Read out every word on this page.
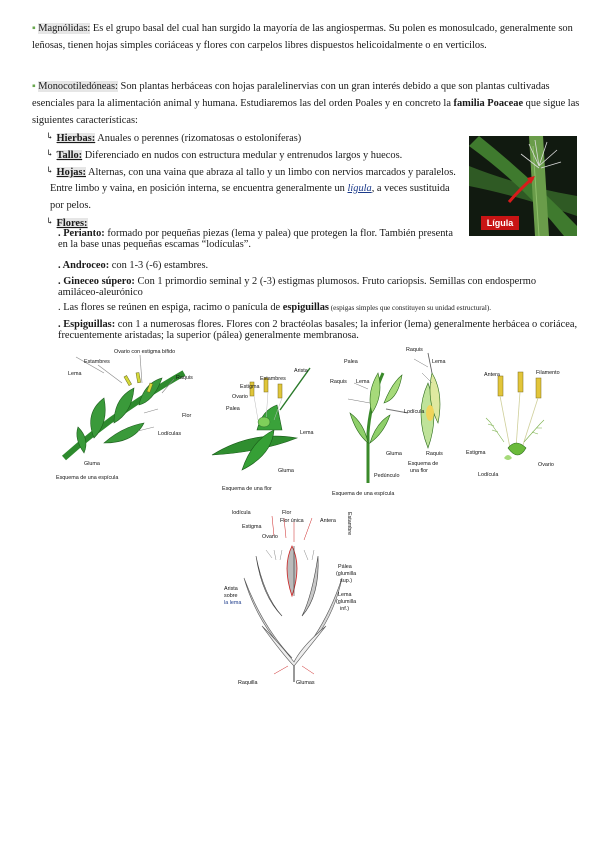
▪ Magnólidas: Es el grupo basal del cual han surgido la mayoría de las angiospermas. Su polen es monosulcado, generalmente son
leñosas, tienen hojas simples coriáceas y flores con carpelos libres dispuestos helicoidalmente o en verticilos.
▪ Monocotiledóneas: Son plantas herbáceas con hojas paralelinervias con un gran interés debido a que son plantas cultivadas
esenciales para la alimentación animal y humana. Estudiaremos las del orden Poales y en concreto la familia Poaceae que sigue las
siguientes características:
↳ Hierbas: Anuales o perennes (rizomatosas o estoloníferas)
↳ Tallo: Diferenciado en nudos con estructura medular y entrenudos largos y huecos.
↳ Hojas: Alternas, con una vaina que abraza al tallo y un limbo con nervios marcados y paralelos.
Entre limbo y vaina, en posición interna, se encuentra generalmente un lígula, a veces sustituida
por pelos.
↳ Flores:	Lígula
. Perianto: formado por pequeñas piezas (lema y palea) que protegen la flor. También presenta
en la base unas pequeñas escamas “lodículas”.
. Androceo: con 1-3 (-6) estambres.
. Gineceo súpero: Con 1 primordio seminal y 2 (-3) estigmas plumosos. Fruto cariopsis. Semillas con endospermo
amiláceo-aleurónico
. Las flores se reúnen en espiga, racimo o panícula de espiguillas (espigas simples que constituyen su unidad estructural).
. Espiguillas: con 1 a numerosas flores. Flores con 2 bractéolas basales; la inferior (lema) generalmente herbácea o coriácea,
frecuentemente aristadas; la superior (pálea) generalmente membranosa.
Ovario con estigma bífido
Estambres
Lema
Raquis
Flor
Lodículas
Gluma
Esquema de una espícula
Estambres
Arista
Estigma
Ovario
Palea
Lema
Gluma
Esquema de una flor
Raquis
Palea	Lema
Raquis Lema
Lodícula
Gluma
Pedúnculo
Raquis
Esquema de
una flor
Esquema de una espícula
Antera	Filamento
Estigma
Ovario
Lodícula
lodícula
Estigma
Ovario
Flor
Flor única	Antera Estambre
Pálea
(glumilla
sup.)
Lema
(glumilla
inf.)
Arista
sobre
la lema
Raquilla	Glumas
